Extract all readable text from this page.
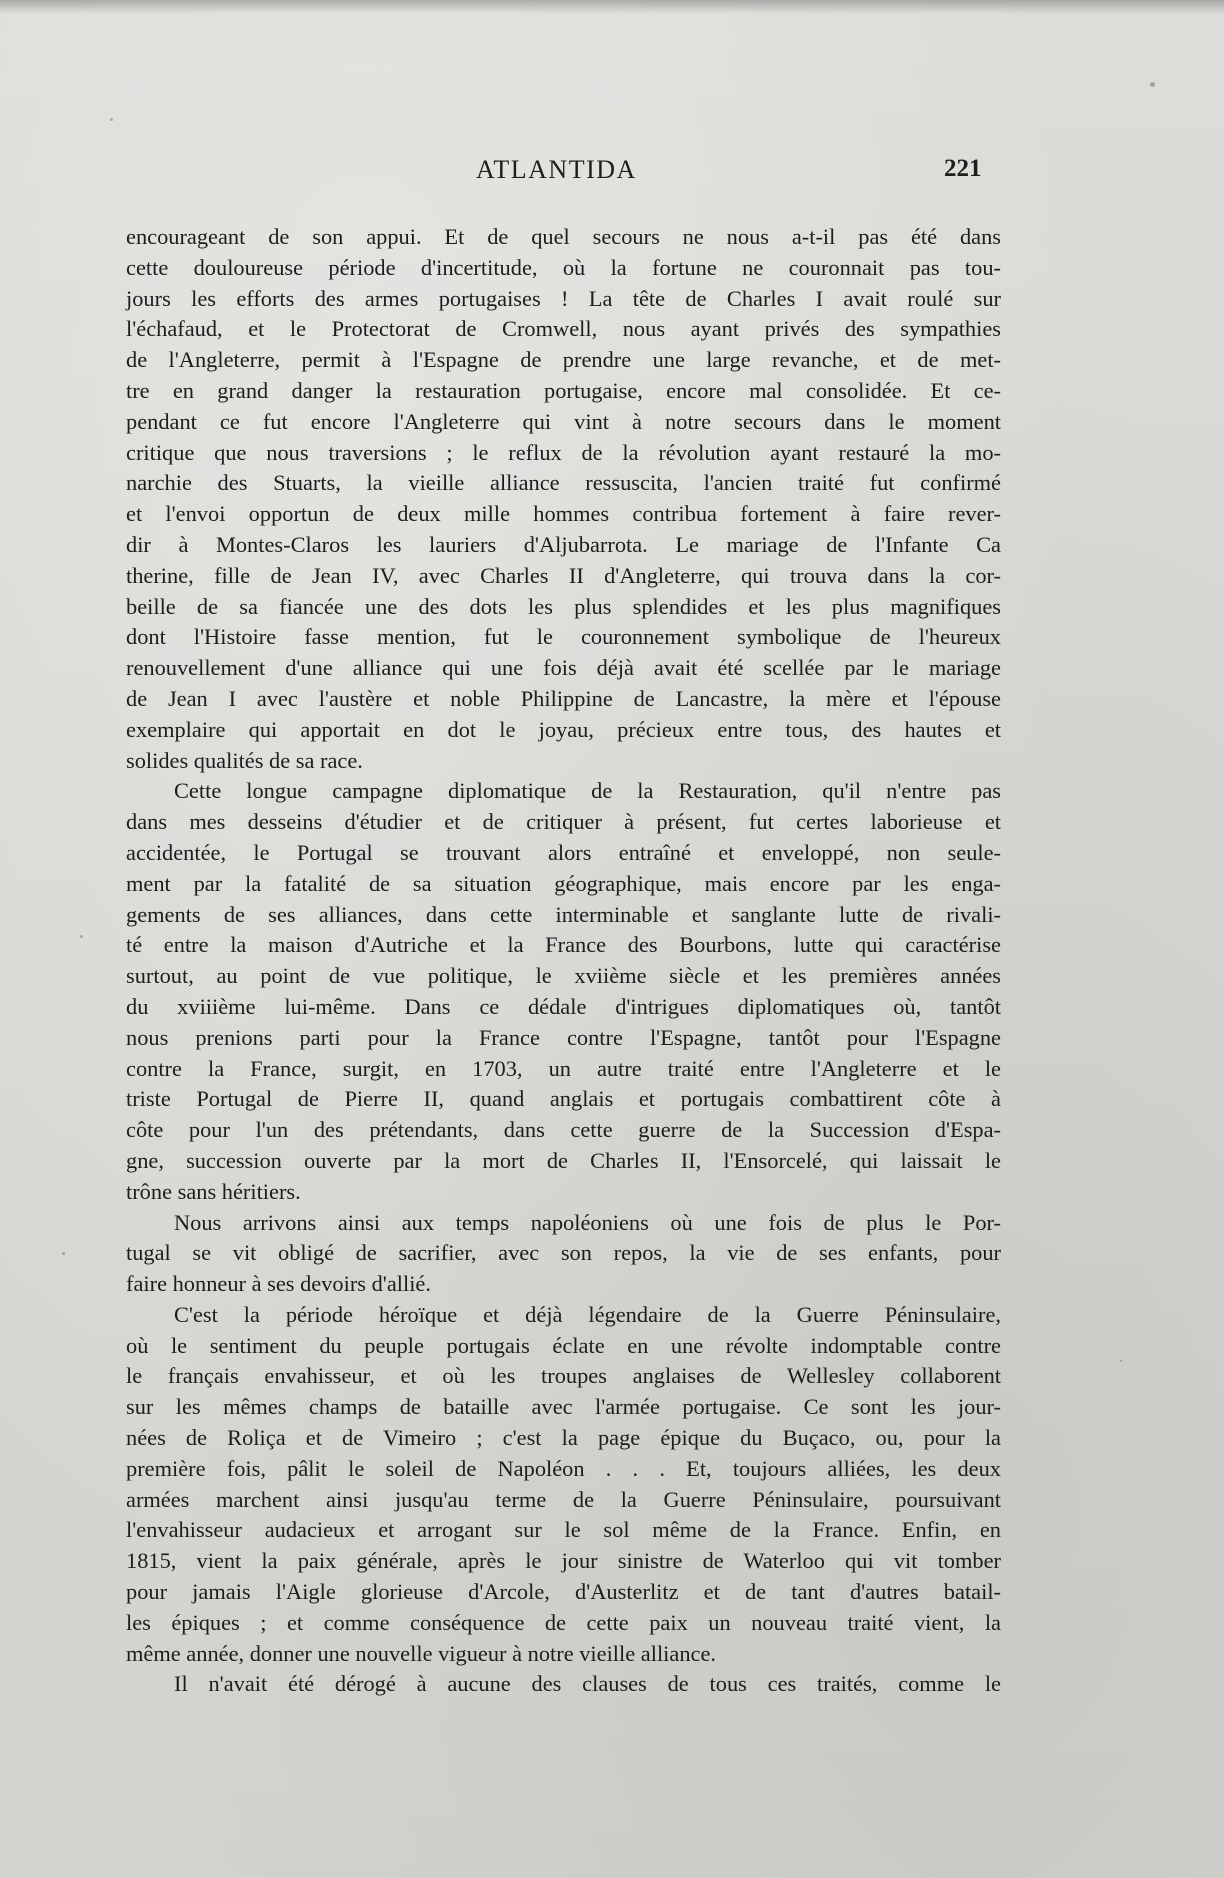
ATLANTIDA	221
encourageant de son appui. Et de quel secours ne nous a-t-il pas été dans
cette douloureuse période d'incertitude, où la fortune ne couronnait pas tou-
jours les efforts des armes portugaises ! La tête de Charles I avait roulé sur
l'échafaud, et le Protectorat de Cromwell, nous ayant privés des sympathies
de l'Angleterre, permit à l'Espagne de prendre une large revanche, et de met-
tre en grand danger la restauration portugaise, encore mal consolidée. Et ce-
pendant ce fut encore l'Angleterre qui vint à notre secours dans le moment
critique que nous traversions ; le reflux de la révolution ayant restauré la mo-
narchie des Stuarts, la vieille alliance ressuscita, l'ancien traité fut confirmé
et l'envoi opportun de deux mille hommes contribua fortement à faire rever-
dir à Montes-Claros les lauriers d'Aljubarrota. Le mariage de l'Infante Ca
therine, fille de Jean IV, avec Charles II d'Angleterre, qui trouva dans la cor-
beille de sa fiancée une des dots les plus splendides et les plus magnifiques
dont l'Histoire fasse mention, fut le couronnement symbolique de l'heureux
renouvellement d'une alliance qui une fois déjà avait été scellée par le mariage
de Jean I avec l'austère et noble Philippine de Lancastre, la mère et l'épouse
exemplaire qui apportait en dot le joyau, précieux entre tous, des hautes et
solides qualités de sa race.
Cette longue campagne diplomatique de la Restauration, qu'il n'entre pas
dans mes desseins d'étudier et de critiquer à présent, fut certes laborieuse et
accidentée, le Portugal se trouvant alors entraîné et enveloppé, non seule-
ment par la fatalité de sa situation géographique, mais encore par les enga-
gements de ses alliances, dans cette interminable et sanglante lutte de rivali-
té entre la maison d'Autriche et la France des Bourbons, lutte qui caractérise
surtout, au point de vue politique, le xviième siècle et les premières années
du xviiième lui-même. Dans ce dédale d'intrigues diplomatiques où, tantôt
nous prenions parti pour la France contre l'Espagne, tantôt pour l'Espagne
contre la France, surgit, en 1703, un autre traité entre l'Angleterre et le
triste Portugal de Pierre II, quand anglais et portugais combattirent côte à
côte pour l'un des prétendants, dans cette guerre de la Succession d'Espa-
gne, succession ouverte par la mort de Charles II, l'Ensorcelé, qui laissait le
trône sans héritiers.
Nous arrivons ainsi aux temps napoléoniens où une fois de plus le Por-
tugal se vit obligé de sacrifier, avec son repos, la vie de ses enfants, pour
faire honneur à ses devoirs d'allié.
C'est la période héroïque et déjà légendaire de la Guerre Péninsulaire,
où le sentiment du peuple portugais éclate en une révolte indomptable contre
le français envahisseur, et où les troupes anglaises de Wellesley collaborent
sur les mêmes champs de bataille avec l'armée portugaise. Ce sont les jour-
nées de Roliça et de Vimeiro ; c'est la page épique du Buçaco, ou, pour la
première fois, pâlit le soleil de Napoléon . . . Et, toujours alliées, les deux
armées marchent ainsi jusqu'au terme de la Guerre Péninsulaire, poursuivant
l'envahisseur audacieux et arrogant sur le sol même de la France. Enfin, en
1815, vient la paix générale, après le jour sinistre de Waterloo qui vit tomber
pour jamais l'Aigle glorieuse d'Arcole, d'Austerlitz et de tant d'autres batail-
les épiques ; et comme conséquence de cette paix un nouveau traité vient, la
même année, donner une nouvelle vigueur à notre vieille alliance.
Il n'avait été dérogé à aucune des clauses de tous ces traités, comme le
